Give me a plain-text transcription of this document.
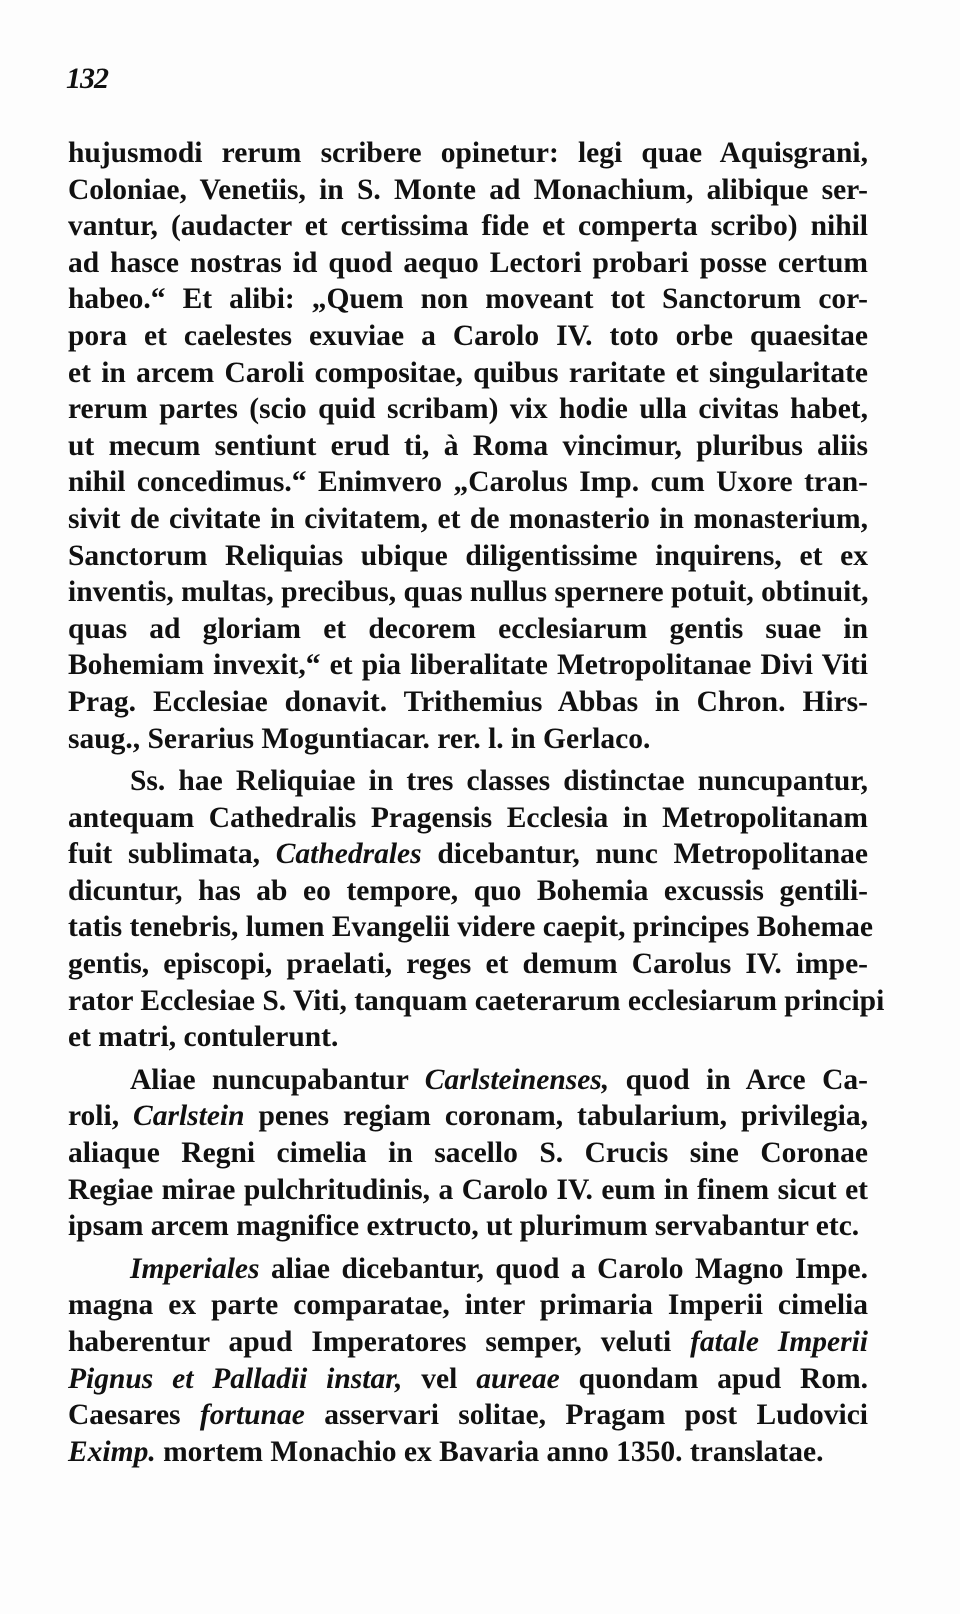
132
hujusmodi rerum scribere opinetur: legi quae Aquisgrani,
Coloniae, Venetiis, in S. Monte ad Monachium, alibique ser-
vantur, (audacter et certissima fide et comperta scribo) nihil
ad hasce nostras id quod aequo Lectori probari posse certum
habeo.“ Et alibi: „Quem non moveant tot Sanctorum cor-
pora et caelestes exuviae a Carolo IV. toto orbe quaesitae
et in arcem Caroli compositae, quibus raritate et singularitate
rerum partes (scio quid scribam) vix hodie ulla civitas habet,
ut mecum sentiunt erud ti, à Roma vincimur, pluribus aliis
nihil concedimus.“ Enimvero „Carolus Imp. cum Uxore tran-
sivit de civitate in civitatem, et de monasterio in monasterium,
Sanctorum Reliquias ubique diligentissime inquirens, et ex
inventis, multas, precibus, quas nullus spernere potuit, obtinuit,
quas ad gloriam et decorem ecclesiarum gentis suae in
Bohemiam invexit,“ et pia liberalitate Metropolitanae Divi Viti
Prag. Ecclesiae donavit. Trithemius Abbas in Chron. Hirs-
saug., Serarius Moguntiacar. rer. l. in Gerlaco.
Ss. hae Reliquiae in tres classes distinctae nuncupantur,
antequam Cathedralis Pragensis Ecclesia in Metropolitanam
fuit sublimata, Cathedrales dicebantur, nunc Metropolitanae
dicuntur, has ab eo tempore, quo Bohemia excussis gentili-
tatis tenebris, lumen Evangelii videre caepit, principes Bohemae
gentis, episcopi, praelati, reges et demum Carolus IV. impe-
rator Ecclesiae S. Viti, tanquam caeterarum ecclesiarum principi
et matri, contulerunt.
Aliae nuncupabantur Carlsteinenses, quod in Arce Ca-
roli, Carlstein penes regiam coronam, tabularium, privilegia,
aliaque Regni cimelia in sacello S. Crucis sine Coronae
Regiae mirae pulchritudinis, a Carolo IV. eum in finem sicut et
ipsam arcem magnifice extructo, ut plurimum servabantur etc.
Imperiales aliae dicebantur, quod a Carolo Magno Impe.
magna ex parte comparatae, inter primaria Imperii cimelia
haberentur apud Imperatores semper, veluti fatale Imperii
Pignus et Palladii instar, vel aureae quondam apud Rom.
Caesares fortunae asservari solitae, Pragam post Ludovici
Eximp. mortem Monachio ex Bavaria anno 1350. translatae.
